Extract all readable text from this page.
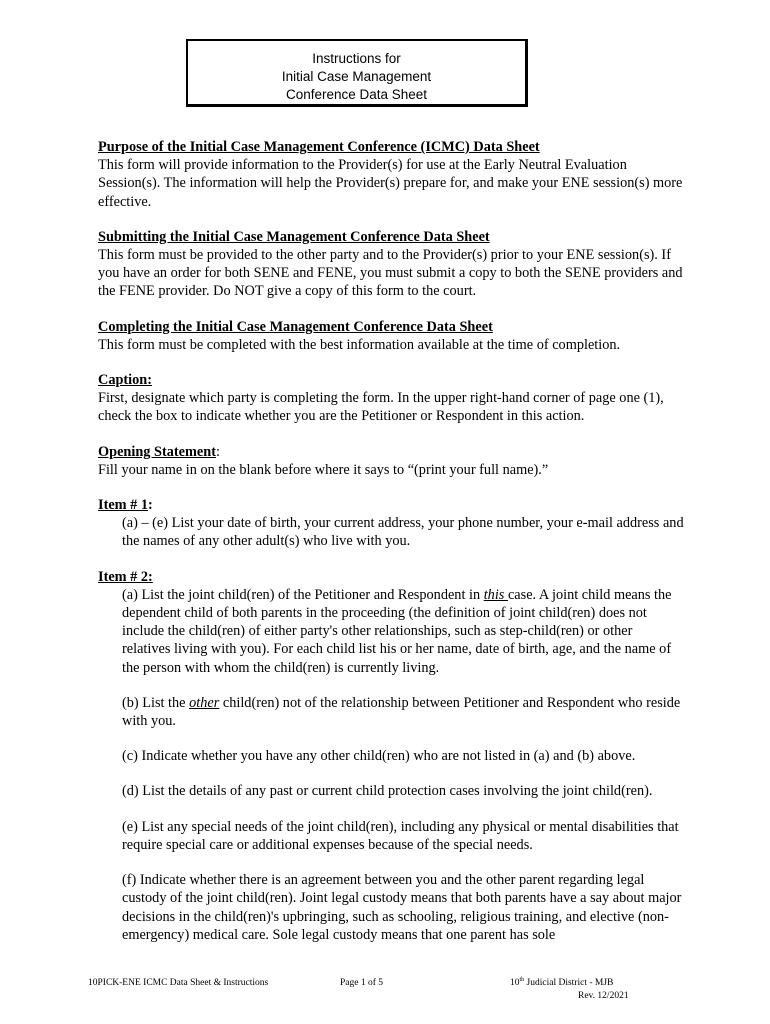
Instructions for
Initial Case Management
Conference Data Sheet
Purpose of the Initial Case Management Conference (ICMC) Data Sheet

This form will provide information to the Provider(s) for use at the Early Neutral Evaluation Session(s). The information will help the Provider(s) prepare for, and make your ENE session(s) more effective.

Submitting the Initial Case Management Conference Data Sheet

This form must be provided to the other party and to the Provider(s) prior to your ENE session(s). If you have an order for both SENE and FENE, you must submit a copy to both the SENE providers and the FENE provider. Do NOT give a copy of this form to the court.

Completing the Initial Case Management Conference Data Sheet

This form must be completed with the best information available at the time of completion.

Caption:

First, designate which party is completing the form. In the upper right-hand corner of page one (1), check the box to indicate whether you are the Petitioner or Respondent in this action.

Opening Statement:

Fill your name in on the blank before where it says to “(print your full name).”

Item # 1:

(a) – (e) List your date of birth, your current address, your phone number, your e-mail address and the names of any other adult(s) who live with you.

Item # 2:

(a) List the joint child(ren) of the Petitioner and Respondent in this case. A joint child means the dependent child of both parents in the proceeding (the definition of joint child(ren) does not include the child(ren) of either party's other relationships, such as step-child(ren) or other relatives living with you). For each child list his or her name, date of birth, age, and the name of the person with whom the child(ren) is currently living.

(b) List the other child(ren) not of the relationship between Petitioner and Respondent who reside with you.

(c) Indicate whether you have any other child(ren) who are not listed in (a) and (b) above.

(d) List the details of any past or current child protection cases involving the joint child(ren).

(e) List any special needs of the joint child(ren), including any physical or mental disabilities that require special care or additional expenses because of the special needs.

(f) Indicate whether there is an agreement between you and the other parent regarding legal custody of the joint child(ren). Joint legal custody means that both parents have a say about major decisions in the child(ren)'s upbringing, such as schooling, religious training, and elective (non-emergency) medical care. Sole legal custody means that one parent has sole

10PICK-ENE ICMC Data Sheet & Instructions	Page 1 of 5	10th Judicial District - MJB
Rev. 12/2021
